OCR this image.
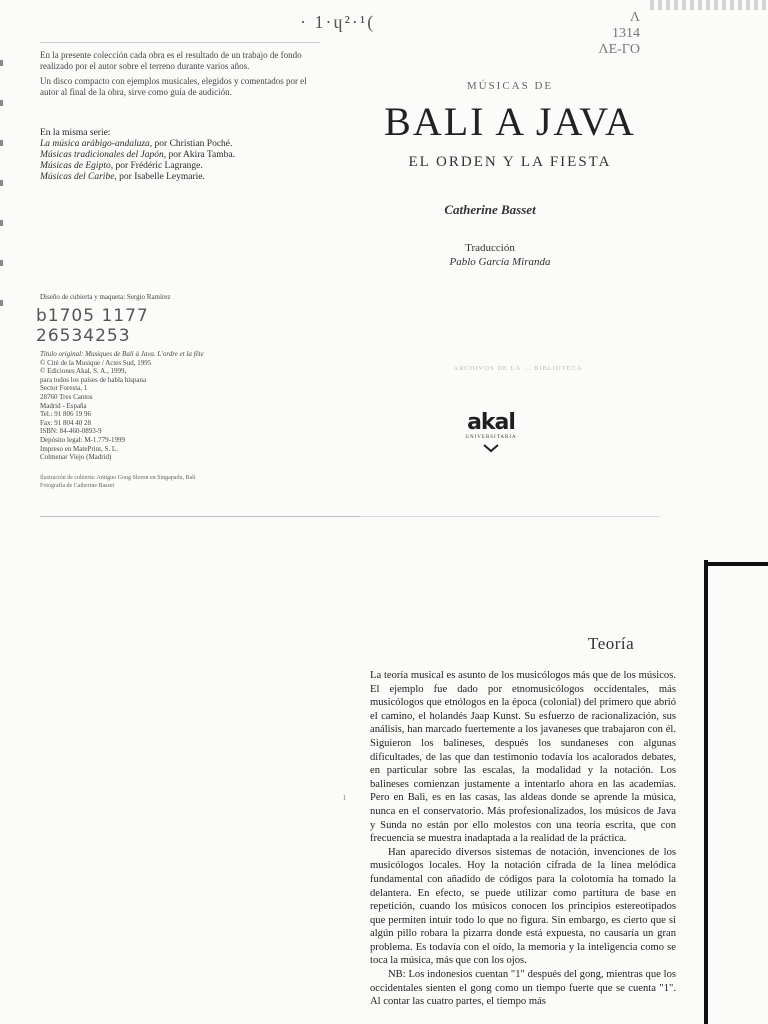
· 1·ɥ²·¹(	Λ
1314
ΛΕ-ΓΟ

En la presente colección cada obra es el resultado de un trabajo de fondo realizado por el autor sobre el terreno durante varios años.

Un disco compacto con ejemplos musicales, elegidos y comentados por el autor al final de la obra, sirve como guía de audición.

En la misma serie:
La música arábigo-andaluza, por Christian Poché.
Músicas tradicionales del Japón, por Akira Tamba.
Músicas de Egipto, por Frédéric Lagrange.
Músicas del Caribe, por Isabelle Leymarie.
Diseño de cubierta y maqueta: Sergio Ramírez
b1705 1177
26534253
Título original: Musiques de Bali à Java. L'ordre et la fête
© Cité de la Musique / Actes Sud, 1995
© Ediciones Akal, S. A., 1999,
para todos los países de habla hispana
Sector Foresta, 1
28760 Tres Cantos
Madrid - España
Tel.: 91 806 19 96
Fax: 91 804 40 28
ISBN: 84-460-0893-9
Depósito legal: M-1.779-1999
Impreso en MatePrint, S. L.
Colmenar Viejo (Madrid)
Ilustración de cubierta: Antiguo Gong Sloron en Singapadu, Bali
Fotografía de Catherine Basset
MÚSICAS DE
BALI A JAVA
EL ORDEN Y LA FIESTA
Catherine Basset
Traducción
Pablo García Miranda
ARCHIVOS DE LA ... BIBLIOTECA
akal
UNIVERSITARIA
Teoría
ı

La teoría musical es asunto de los musicólogos más que de los músicos. El ejemplo fue dado por etnomusicólogos occidentales, más musicólogos que etnólogos en la época (colonial) del primero que abrió el camino, el holandés Jaap Kunst. Su esfuerzo de racionalización, sus análisis, han marcado fuertemente a los javaneses que trabajaron con él. Siguieron los balineses, después los sundaneses con algunas dificultades, de las que dan testimonio todavía los acalorados debates, en particular sobre las escalas, la modalidad y la notación. Los balineses comienzan justamente a intentarlo ahora en las academias. Pero en Bali, es en las casas, las aldeas donde se aprende la música, nunca en el conservatorio. Más profesionalizados, los músicos de Java y Sunda no están por ello molestos con una teoría escrita, que con frecuencia se muestra inadaptada a la realidad de la práctica.

Han aparecido diversos sistemas de notación, invenciones de los musicólogos locales. Hoy la notación cifrada de la línea melódica fundamental con añadido de códigos para la colotomía ha tomado la delantera. En efecto, se puede utilizar como partitura de base en repetición, cuando los músicos conocen los principios estereotipados que permiten intuir todo lo que no figura. Sin embargo, es cierto que si algún pillo robara la pizarra donde está expuesta, no causaría un gran problema. Es todavía con el oído, la memoria y la inteligencia como se toca la música, más que con los ojos.

NB: Los indonesios cuentan "1" después del gong, mientras que los occidentales sienten el gong como un tiempo fuerte que se cuenta "1". Al contar las cuatro partes, el tiempo más
